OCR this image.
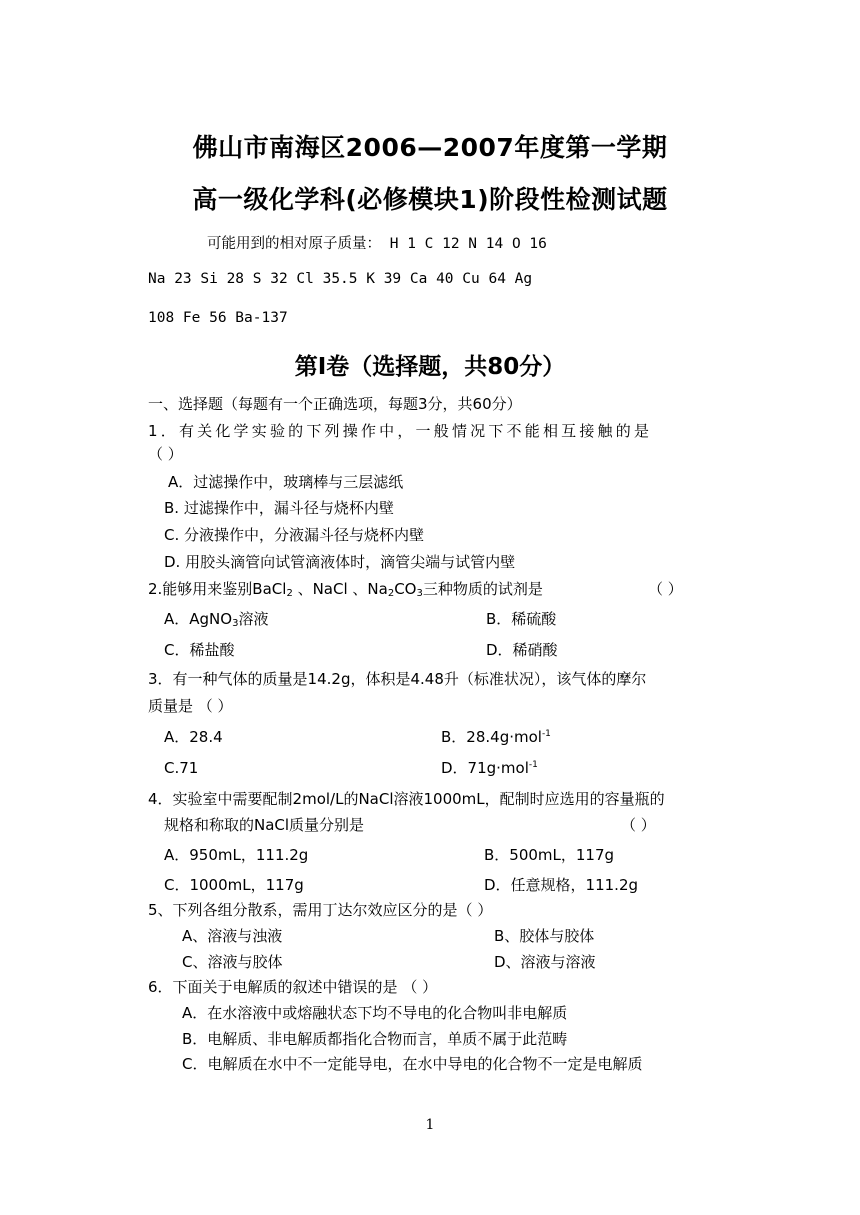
佛山市南海区2006—2007年度第一学期
高一级化学科(必修模块1)阶段性检测试题
可能用到的相对原子质量： H 1 C 12 N 14 O 16
Na 23 Si 28 S 32 Cl 35.5 K 39 Ca 40 Cu 64 Ag
108 Fe 56 Ba-137
第Ⅰ卷（选择题，共80分）
一、选择题（每题有一个正确选项，每题3分，共60分）
1．有关化学实验的下列操作中，一般情况下不能相互接触的是
（ ）
A．过滤操作中，玻璃棒与三层滤纸
B. 过滤操作中，漏斗径与烧杯内壁
C. 分液操作中，分液漏斗径与烧杯内壁
D. 用胶头滴管向试管滴液体时，滴管尖端与试管内壁
2.能够用来鉴别BaCl$_2$ 、NaCl 、$Na_2CO_3$三种物质的试剂是	（ ）
A．AgNO$_3$溶液	B．稀硫酸
C．稀盐酸	D．稀硝酸
3．有一种气体的质量是14.2g，体积是4.48升（标准状况），该气体的摩尔
质量是 （ ）
A．28.4	B．28.4g·mol$^{-1}$
C.71	D．71g·mol$^{-1}$
4．实验室中需要配制2mol/L的NaCl溶液1000mL，配制时应选用的容量瓶的
规格和称取的NaCl质量分别是	（ ）
A．950mL，111.2g	B．500mL，117g
C．1000mL，117g	D．任意规格，111.2g
5、下列各组分散系，需用丁达尔效应区分的是（ ）
A、溶液与浊液	B、胶体与胶体
C、溶液与胶体	D、溶液与溶液
6．下面关于电解质的叙述中错误的是 （ ）
A．在水溶液中或熔融状态下均不导电的化合物叫非电解质
B．电解质、非电解质都指化合物而言，单质不属于此范畴
C．电解质在水中不一定能导电，在水中导电的化合物不一定是电解质
1
